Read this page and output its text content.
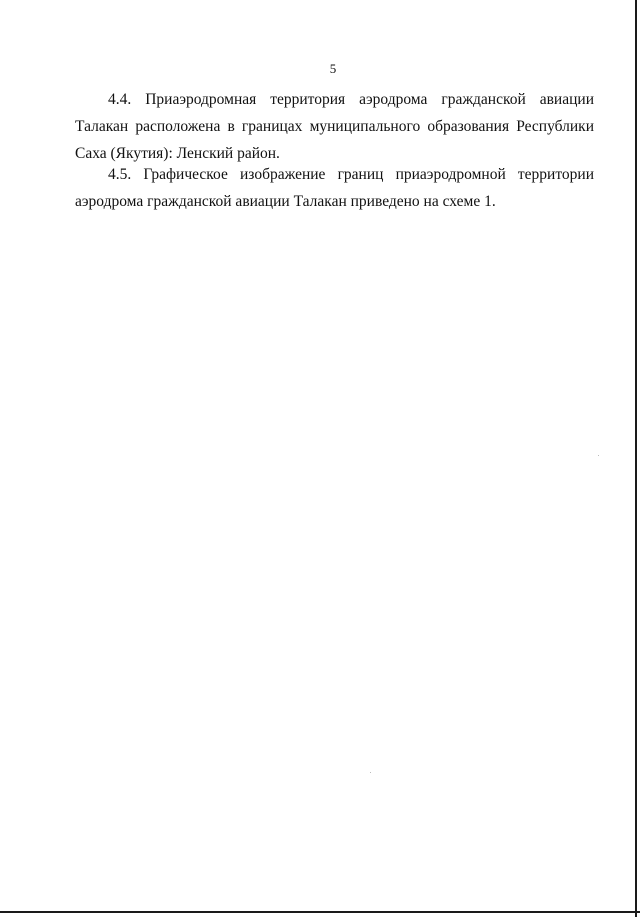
5

4.4. Приаэродромная территория аэродрома гражданской авиации Талакан расположена в границах муниципального образования Республики Саха (Якутия): Ленский район.

4.5. Графическое изображение границ приаэродромной территории аэродрома гражданской авиации Талакан приведено на схеме 1.
